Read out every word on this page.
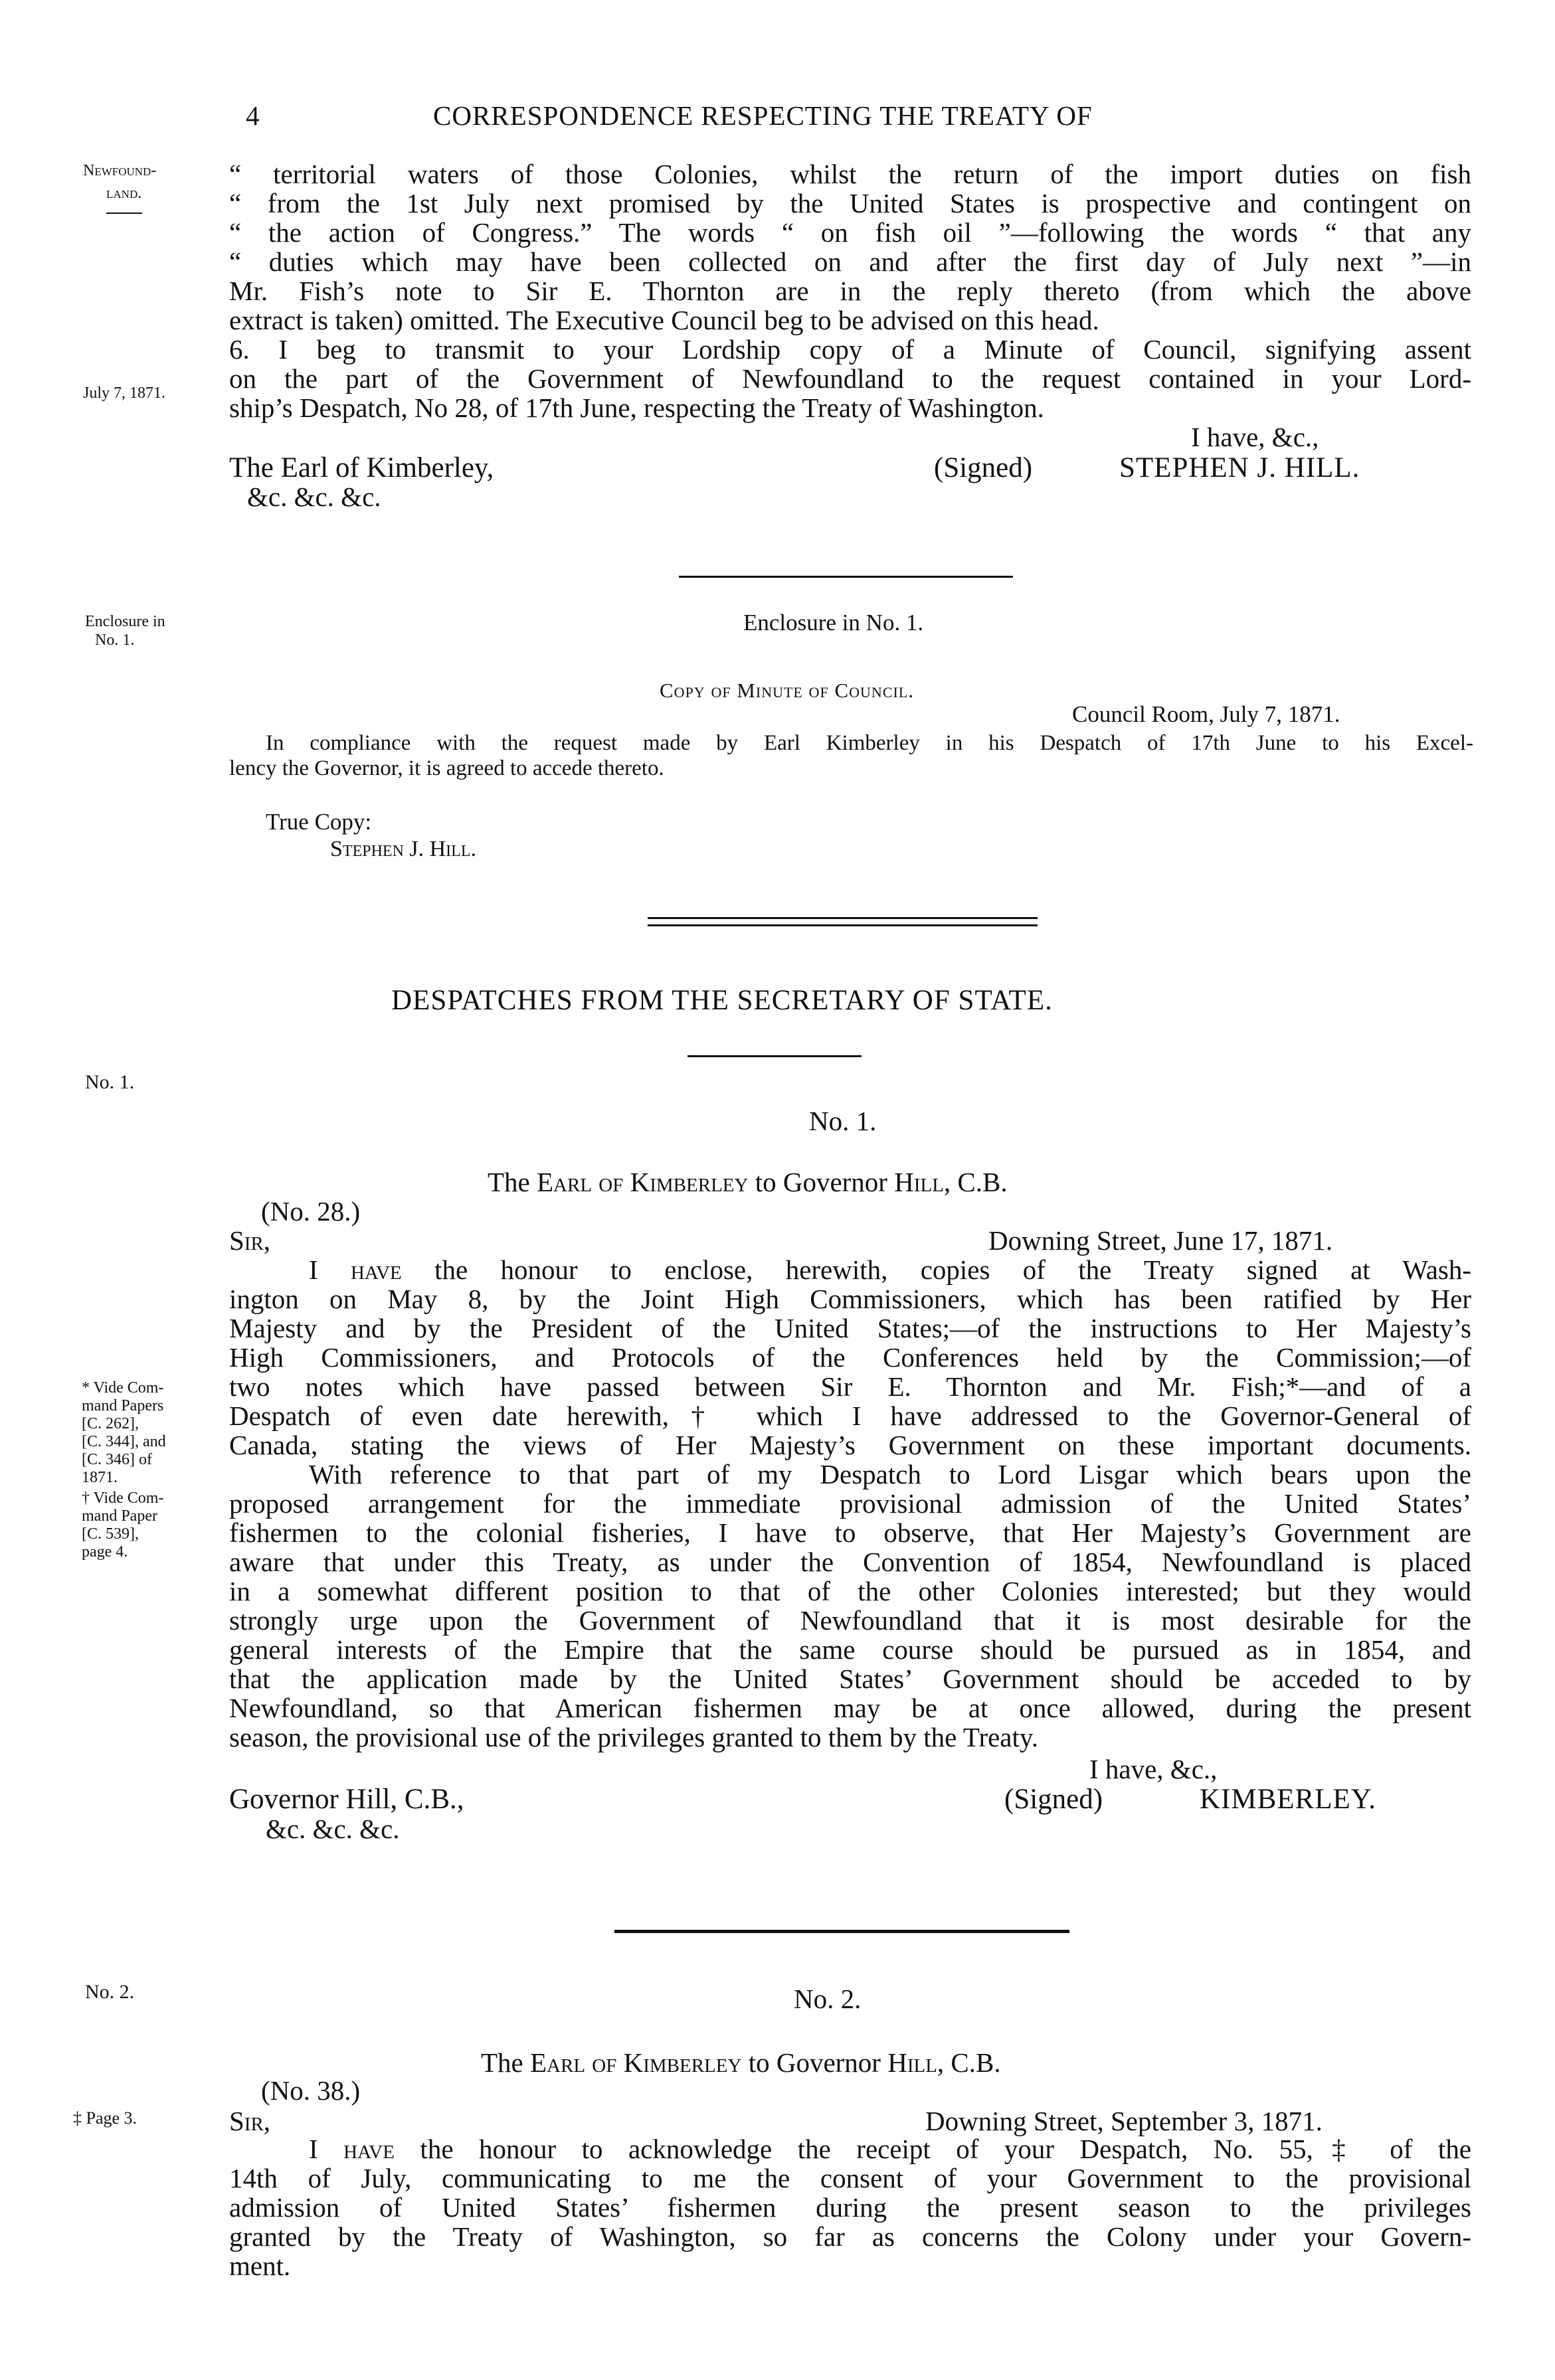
4	CORRESPONDENCE RESPECTING THE TREATY OF
Newfound-
land.
July 7, 1871.
Enclosure in
No. 1.
No. 1.
* Vide Com-
mand Papers
[C. 262],
[C. 344], and
[C. 346] of
1871.
† Vide Com-
mand Paper
[C. 539],
page 4.
No. 2.
‡ Page 3.
“ territorial waters of those Colonies, whilst the return of the import duties on fish
“ from the 1st July next promised by the United States is prospective and contingent on
“ the action of Congress.” The words “ on fish oil ”—following the words “ that any
“ duties which may have been collected on and after the first day of July next ”—in
Mr. Fish’s note to Sir E. Thornton are in the reply thereto (from which the above
extract is taken) omitted. The Executive Council beg to be advised on this head.
6. I beg to transmit to your Lordship copy of a Minute of Council, signifying assent
on the part of the Government of Newfoundland to the request contained in your Lord-
ship’s Despatch, No 28, of 17th June, respecting the Treaty of Washington.
I have, &c.,
The Earl of Kimberley,	(Signed)	STEPHEN J. HILL.
&c. &c. &c.
Enclosure in No. 1.
Copy of Minute of Council.
Council Room, July 7, 1871.
In compliance with the request made by Earl Kimberley in his Despatch of 17th June to his Excel-
lency the Governor, it is agreed to accede thereto.
True Copy:
Stephen J. Hill.
DESPATCHES FROM THE SECRETARY OF STATE.
No. 1.
The Earl of Kimberley to Governor Hill, C.B.
(No. 28.)
Sir,	Downing Street, June 17, 1871.
I have the honour to enclose, herewith, copies of the Treaty signed at Wash-
ington on May 8, by the Joint High Commissioners, which has been ratified by Her
Majesty and by the President of the United States;—of the instructions to Her Majesty’s
High Commissioners, and Protocols of the Conferences held by the Commission;—of
two notes which have passed between Sir E. Thornton and Mr. Fish;*—and of a
Despatch of even date herewith,† which I have addressed to the Governor-General of
Canada, stating the views of Her Majesty’s Government on these important documents.
With reference to that part of my Despatch to Lord Lisgar which bears upon the
proposed arrangement for the immediate provisional admission of the United States’
fishermen to the colonial fisheries, I have to observe, that Her Majesty’s Government are
aware that under this Treaty, as under the Convention of 1854, Newfoundland is placed
in a somewhat different position to that of the other Colonies interested; but they would
strongly urge upon the Government of Newfoundland that it is most desirable for the
general interests of the Empire that the same course should be pursued as in 1854, and
that the application made by the United States’ Government should be acceded to by
Newfoundland, so that American fishermen may be at once allowed, during the present
season, the provisional use of the privileges granted to them by the Treaty.
I have, &c.,
Governor Hill, C.B.,	(Signed)	KIMBERLEY.
&c. &c. &c.
No. 2.
The Earl of Kimberley to Governor Hill, C.B.
(No. 38.)
Sir,	Downing Street, September 3, 1871.
I have the honour to acknowledge the receipt of your Despatch, No. 55,‡ of the
14th of July, communicating to me the consent of your Government to the provisional
admission of United States’ fishermen during the present season to the privileges
granted by the Treaty of Washington, so far as concerns the Colony under your Govern-
ment.
